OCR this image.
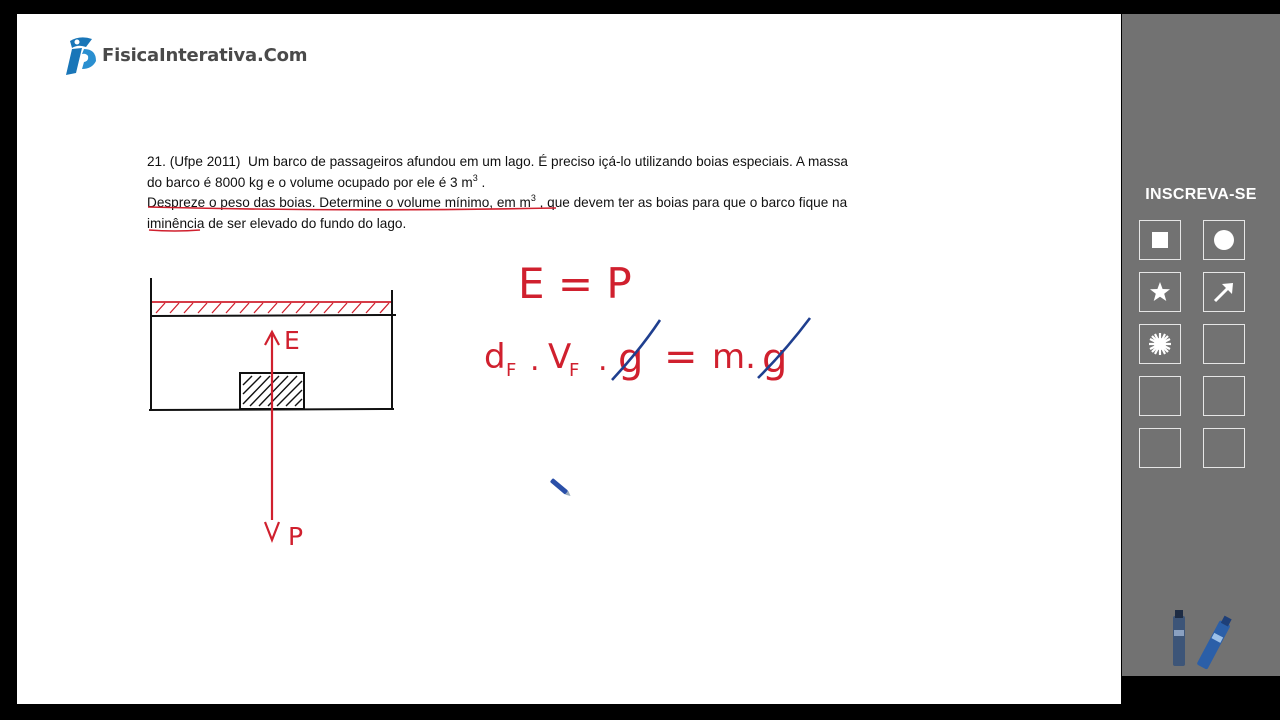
FisicaInterativa.Com

21. (Ufpe 2011) Um barco de passageiros afundou em um lago. É preciso içá-lo utilizando boias especiais. A massa

do barco é 8000 kg e o volume ocupado por ele é 3 $m^3$ .

Despreze o peso das boias. Determine o volume mínimo, em $m^3$ , que devem ter as boias para que o barco fique na

iminência de ser elevado do fundo do lago.

E
P
E = P
d F . V
F . g = m. g
INSCREVA-SE
